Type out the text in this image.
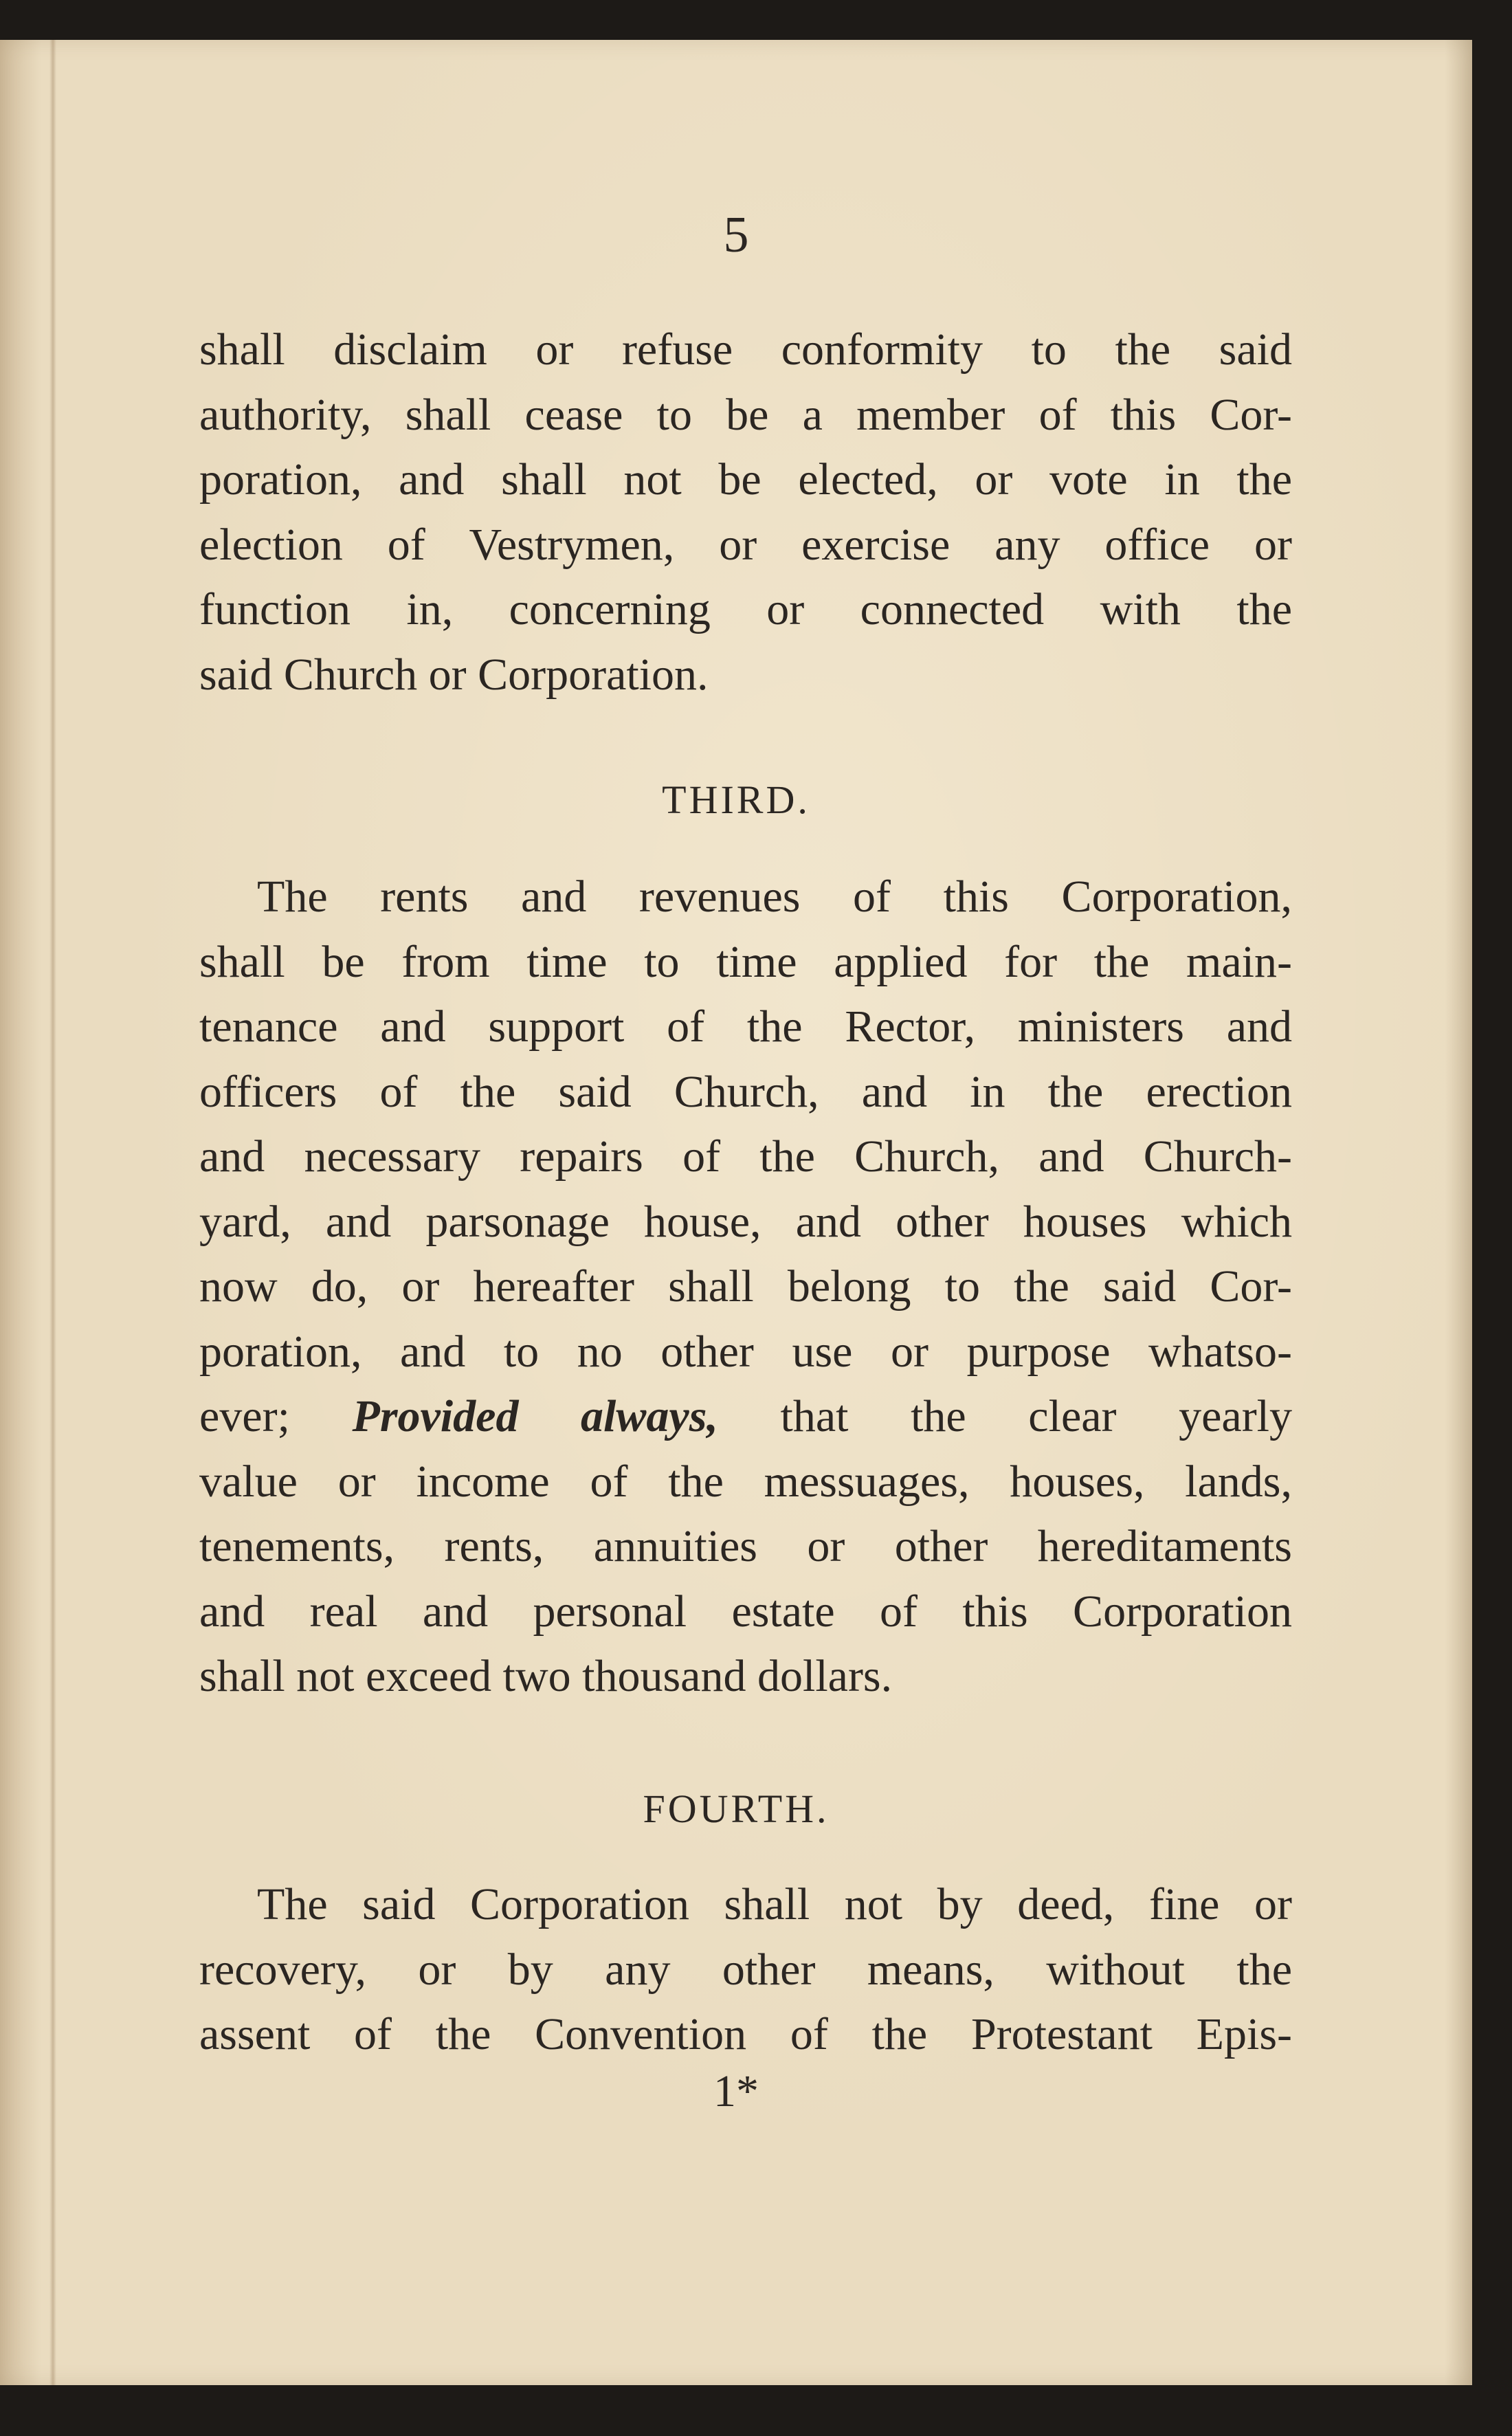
5
shall disclaim or refuse conformity to the said
authority, shall cease to be a member of this Cor-
poration, and shall not be elected, or vote in the
election of Vestrymen, or exercise any office or
function in, concerning or connected with the
said Church or Corporation.
THIRD.
The rents and revenues of this Corporation,
shall be from time to time applied for the main-
tenance and support of the Rector, ministers and
officers of the said Church, and in the erection
and necessary repairs of the Church, and Church-
yard, and parsonage house, and other houses which
now do, or hereafter shall belong to the said Cor-
poration, and to no other use or purpose whatso-
ever; Provided always, that the clear yearly
value or income of the messuages, houses, lands,
tenements, rents, annuities or other hereditaments
and real and personal estate of this Corporation
shall not exceed two thousand dollars.
FOURTH.
The said Corporation shall not by deed, fine or
recovery, or by any other means, without the
assent of the Convention of the Protestant Epis-
1*
